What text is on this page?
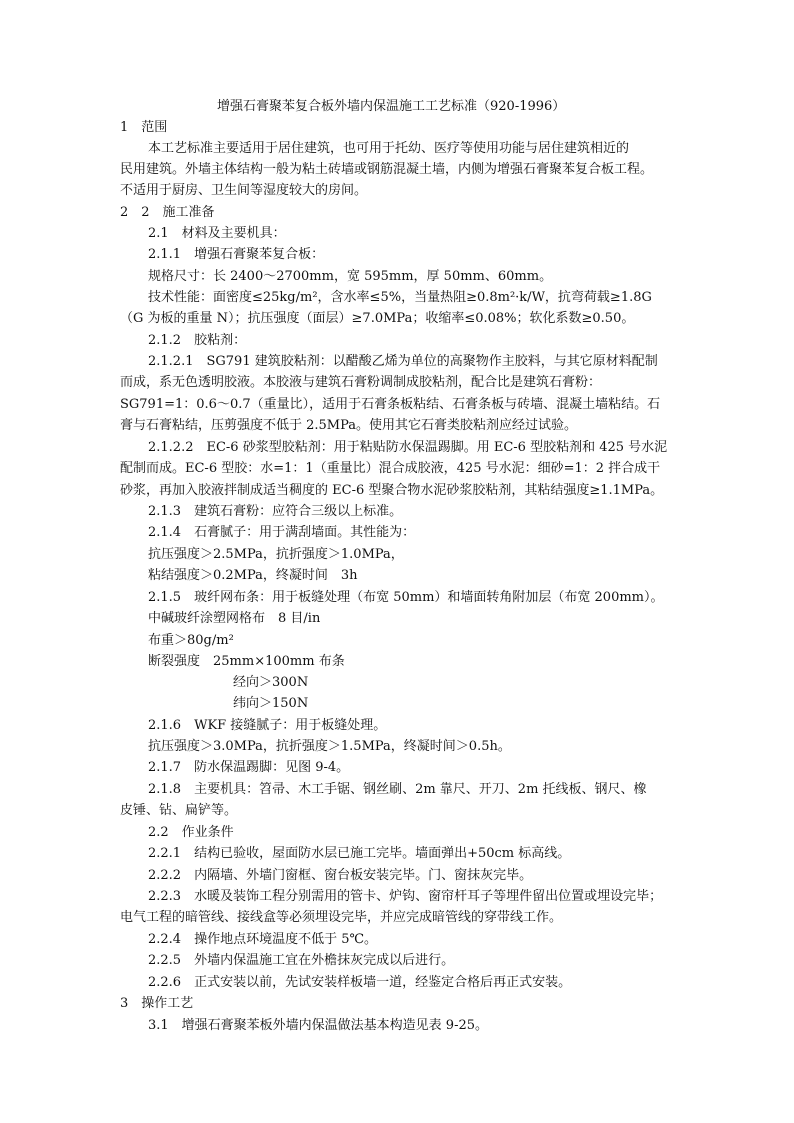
增强石膏聚苯复合板外墙内保温施工工艺标准（920-1996）
1　范围
本工艺标准主要适用于居住建筑，也可用于托幼、医疗等使用功能与居住建筑相近的
民用建筑。外墙主体结构一般为粘土砖墙或钢筋混凝土墙，内侧为增强石膏聚苯复合板工程。
不适用于厨房、卫生间等湿度较大的房间。
2　2　施工准备
2.1　材料及主要机具：
2.1.1　增强石膏聚苯复合板：
规格尺寸：长 2400～2700mm，宽 595mm，厚 50mm、60mm。
技术性能：面密度≤25kg/m²，含水率≤5%，当量热阻≥0.8m²·k/W，抗弯荷载≥1.8G
（G 为板的重量 N）；抗压强度（面层）≥7.0MPa；收缩率≤0.08%；软化系数≥0.50。
2.1.2　胶粘剂：
2.1.2.1　SG791 建筑胶粘剂：以醋酸乙烯为单位的高聚物作主胶料，与其它原材料配制
而成，系无色透明胶液。本胶液与建筑石膏粉调制成胶粘剂，配合比是建筑石膏粉：
SG791=1：0.6～0.7（重量比），适用于石膏条板粘结、石膏条板与砖墙、混凝土墙粘结。石
膏与石膏粘结，压剪强度不低于 2.5MPa。使用其它石膏类胶粘剂应经过试验。
2.1.2.2　EC-6 砂浆型胶粘剂：用于粘贴防水保温踢脚。用 EC-6 型胶粘剂和 425 号水泥
配制而成。EC-6 型胶：水=1：1（重量比）混合成胶液，425 号水泥：细砂=1：2 拌合成干
砂浆，再加入胶液拌制成适当稠度的 EC-6 型聚合物水泥砂浆胶粘剂，其粘结强度≥1.1MPa。
2.1.3　建筑石膏粉：应符合三级以上标准。
2.1.4　石膏腻子：用于满刮墙面。其性能为：
抗压强度＞2.5MPa，抗折强度＞1.0MPa，
粘结强度＞0.2MPa，终凝时间　3h
2.1.5　玻纤网布条：用于板缝处理（布宽 50mm）和墙面转角附加层（布宽 200mm）。
中碱玻纤涂塑网格布　8 目/in
布重＞80g/m²
断裂强度　25mm×100mm 布条
经向＞300N
纬向＞150N
2.1.6　WKF 接缝腻子：用于板缝处理。
抗压强度＞3.0MPa，抗折强度＞1.5MPa，终凝时间＞0.5h。
2.1.7　防水保温踢脚：见图 9-4。
2.1.8　主要机具：笤帚、木工手锯、钢丝刷、2m 靠尺、开刀、2m 托线板、钢尺、橡
皮锤、钻、扁铲等。
2.2　作业条件
2.2.1　结构已验收，屋面防水层已施工完毕。墙面弹出+50cm 标高线。
2.2.2　内隔墙、外墙门窗框、窗台板安装完毕。门、窗抹灰完毕。
2.2.3　水暖及装饰工程分别需用的管卡、炉钩、窗帘杆耳子等埋件留出位置或埋设完毕；
电气工程的暗管线、接线盒等必须埋设完毕，并应完成暗管线的穿带线工作。
2.2.4　操作地点环境温度不低于 5℃。
2.2.5　外墙内保温施工宜在外檐抹灰完成以后进行。
2.2.6　正式安装以前，先试安装样板墙一道，经鉴定合格后再正式安装。
3　操作工艺
3.1　增强石膏聚苯板外墙内保温做法基本构造见表 9-25。
